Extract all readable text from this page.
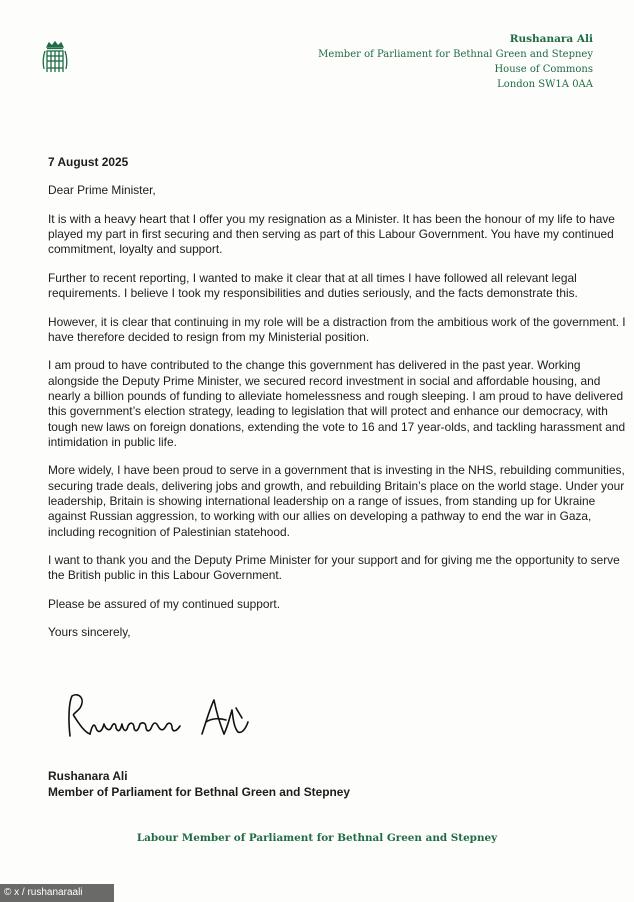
Rushanara Ali
Member of Parliament for Bethnal Green and Stepney
House of Commons
London SW1A 0AA

7 August 2025

Dear Prime Minister,

It is with a heavy heart that I offer you my resignation as a Minister. It has been the honour of my life to have played my part in first securing and then serving as part of this Labour Government. You have my continued commitment, loyalty and support.

Further to recent reporting, I wanted to make it clear that at all times I have followed all relevant legal requirements. I believe I took my responsibilities and duties seriously, and the facts demonstrate this.

However, it is clear that continuing in my role will be a distraction from the ambitious work of the government. I have therefore decided to resign from my Ministerial position.

I am proud to have contributed to the change this government has delivered in the past year. Working alongside the Deputy Prime Minister, we secured record investment in social and affordable housing, and nearly a billion pounds of funding to alleviate homelessness and rough sleeping. I am proud to have delivered this government’s election strategy, leading to legislation that will protect and enhance our democracy, with tough new laws on foreign donations, extending the vote to 16 and 17 year-olds, and tackling harassment and intimidation in public life.

More widely, I have been proud to serve in a government that is investing in the NHS, rebuilding communities, securing trade deals, delivering jobs and growth, and rebuilding Britain’s place on the world stage. Under your leadership, Britain is showing international leadership on a range of issues, from standing up for Ukraine against Russian aggression, to working with our allies on developing a pathway to end the war in Gaza, including recognition of Palestinian statehood.

I want to thank you and the Deputy Prime Minister for your support and for giving me the opportunity to serve the British public in this Labour Government.

Please be assured of my continued support.

Yours sincerely,

Rushanara Ali
Member of Parliament for Bethnal Green and Stepney
Labour Member of Parliament for Bethnal Green and Stepney
© x / rushanaraali
